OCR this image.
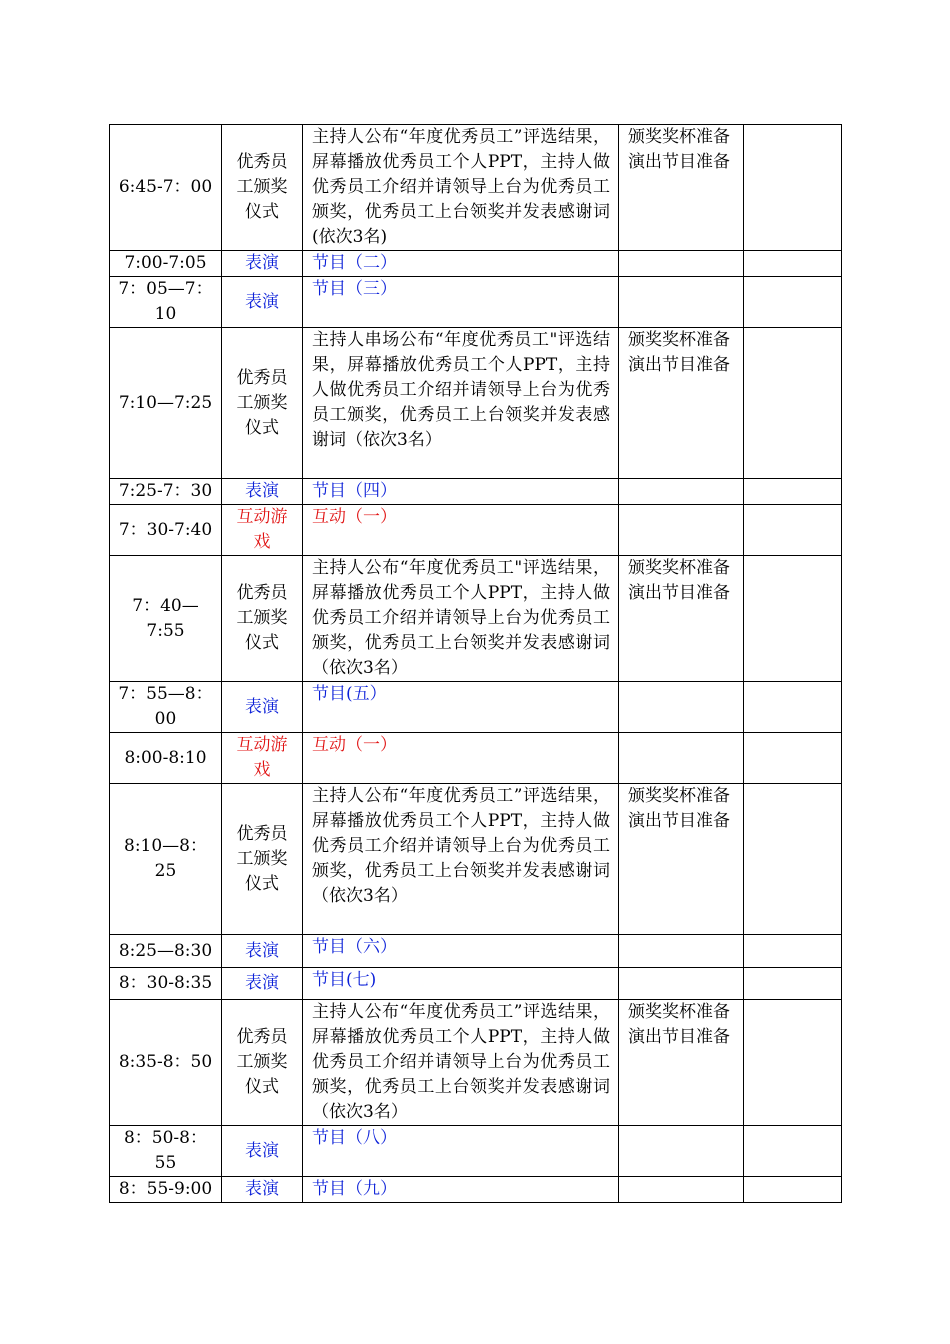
6:45-7：00	优秀员工颁奖仪式	主持人公布“年度优秀员工”评选结果，屏幕播放优秀员工个人PPT，主持人做优秀员工介绍并请领导上台为优秀员工颁奖，优秀员工上台领奖并发表感谢词(依次3名)	颁奖奖杯准备
演出节目准备	

7:00-7:05	表演	节目（二）		
7：05—7：10	表演	节目（三）		
7:10—7:25	优秀员工颁奖仪式	主持人串场公布“年度优秀员工"评选结果，屏幕播放优秀员工个人PPT，主持人做优秀员工介绍并请领导上台为优秀员工颁奖，优秀员工上台领奖并发表感谢词（依次3名）	颁奖奖杯准备
演出节目准备	

7:25-7：30	表演	节目（四）		
7：30-7:40	互动游戏	互动（一）		
7：40—7:55	优秀员工颁奖仪式	主持人公布“年度优秀员工"评选结果，屏幕播放优秀员工个人PPT，主持人做优秀员工介绍并请领导上台为优秀员工颁奖，优秀员工上台领奖并发表感谢词（依次3名）	颁奖奖杯准备
演出节目准备	

7：55—8：00	表演	节目(五）		
8:00-8:10	互动游戏	互动（一）		
8:10—8：25	优秀员工颁奖仪式	主持人公布“年度优秀员工”评选结果，屏幕播放优秀员工个人PPT，主持人做优秀员工介绍并请领导上台为优秀员工颁奖，优秀员工上台领奖并发表感谢词（依次3名）	颁奖奖杯准备
演出节目准备	

8:25—8:30	表演	节目（六）		
8：30-8:35	表演	节目(七)		
8:35-8：50	优秀员工颁奖仪式	主持人公布“年度优秀员工”评选结果，屏幕播放优秀员工个人PPT，主持人做优秀员工介绍并请领导上台为优秀员工颁奖，优秀员工上台领奖并发表感谢词（依次3名）	颁奖奖杯准备
演出节目准备	

8：50-8：55	表演	节目（八）		
8：55-9:00	表演	节目（九）		
